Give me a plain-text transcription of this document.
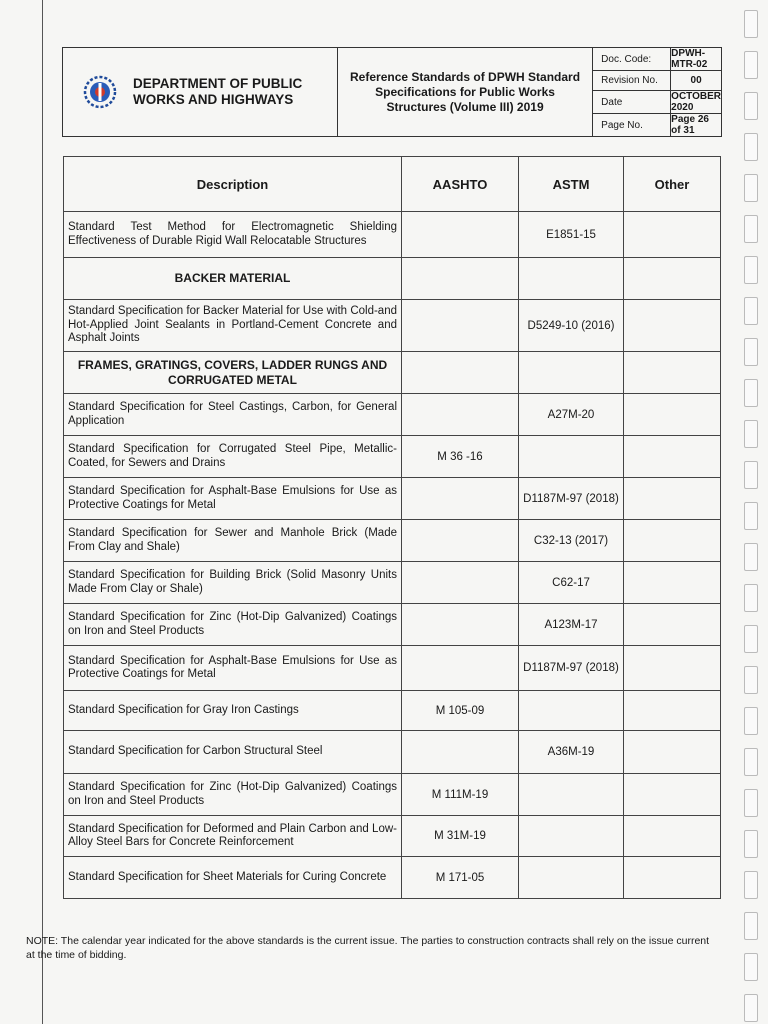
DEPARTMENT OF PUBLIC
WORKS AND HIGHWAYS
Reference Standards of DPWH Standard Specifications for Public Works Structures (Volume III) 2019
Doc. Code:	DPWH-MTR-02
Revision No.	00
Date	OCTOBER 2020
Page No.	Page 26 of 31
Description	AASHTO	ASTM	Other
Standard Test Method for Electromagnetic Shielding Effectiveness of Durable Rigid Wall Relocatable Structures		E1851-15	
BACKER MATERIAL			
Standard Specification for Backer Material for Use with Cold-and Hot-Applied Joint Sealants in Portland-Cement Concrete and Asphalt Joints		D5249-10 (2016)	
FRAMES, GRATINGS, COVERS, LADDER RUNGS AND CORRUGATED METAL			
Standard Specification for Steel Castings, Carbon, for General Application		A27M-20	
Standard Specification for Corrugated Steel Pipe, Metallic-Coated, for Sewers and Drains	M 36 -16		
Standard Specification for Asphalt-Base Emulsions for Use as Protective Coatings for Metal		D1187M-97 (2018)	
Standard Specification for Sewer and Manhole Brick (Made From Clay and Shale)		C32-13 (2017)	
Standard Specification for Building Brick (Solid Masonry Units Made From Clay or Shale)		C62-17	
Standard Specification for Zinc (Hot-Dip Galvanized) Coatings on Iron and Steel Products		A123M-17	
Standard Specification for Asphalt-Base Emulsions for Use as Protective Coatings for Metal		D1187M-97 (2018)	
Standard Specification for Gray Iron Castings	M 105-09		
Standard Specification for Carbon Structural Steel		A36M-19	
Standard Specification for Zinc (Hot-Dip Galvanized) Coatings on Iron and Steel Products	M 111M-19		
Standard Specification for Deformed and Plain Carbon and Low-Alloy Steel Bars for Concrete Reinforcement	M 31M-19		
Standard Specification for Sheet Materials for Curing Concrete	M 171-05		
NOTE: The calendar year indicated for the above standards is the current issue. The parties to construction contracts shall rely on the issue current at the time of bidding.
